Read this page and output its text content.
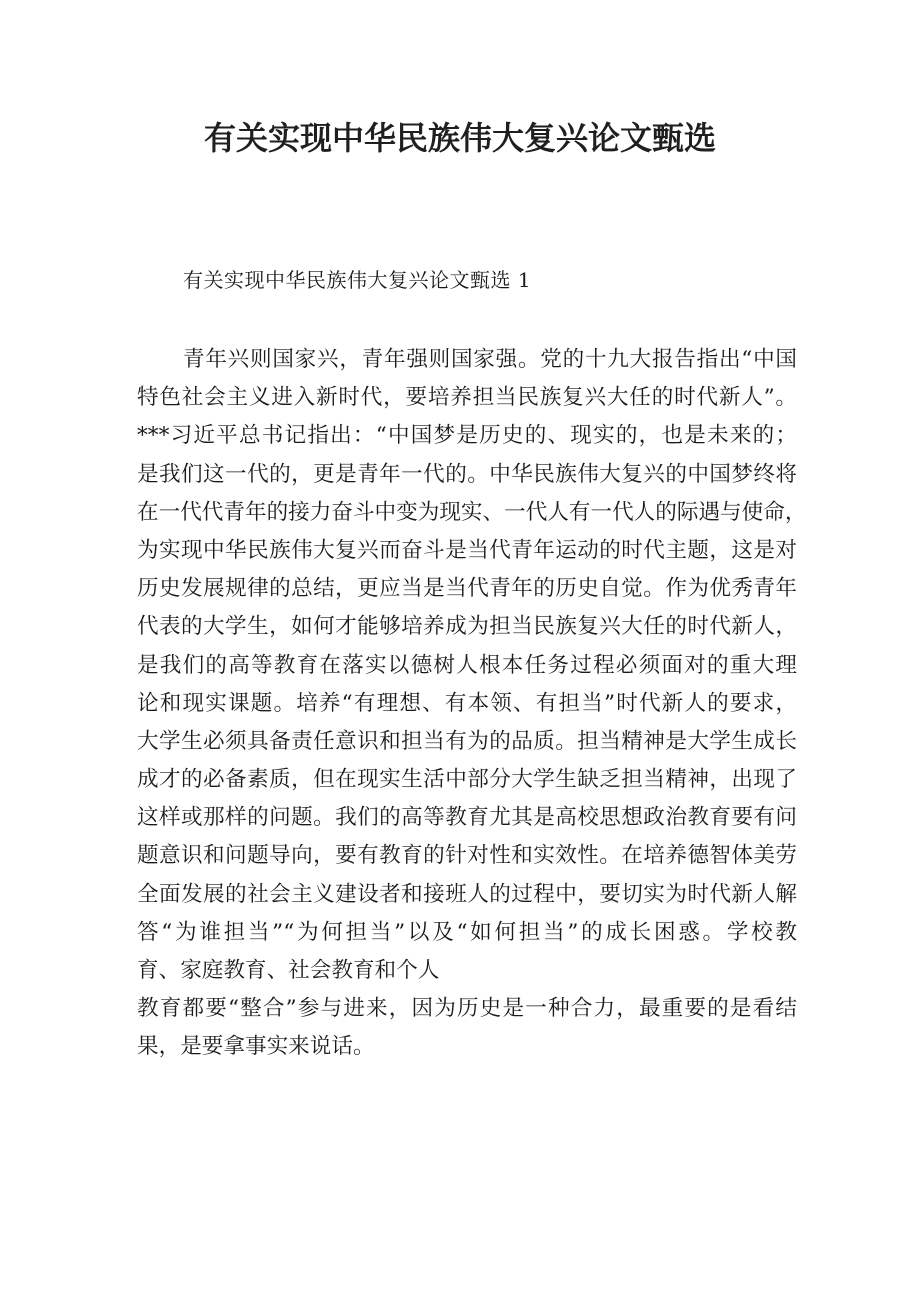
有关实现中华民族伟大复兴论文甄选

有关实现中华民族伟大复兴论文甄选 1

青年兴则国家兴，青年强则国家强。党的十九大报告指出“中国
特色社会主义进入新时代，要培养担当民族复兴大任的时代新人”。
***习近平总书记指出：“中国梦是历史的、现实的，也是未来的；
是我们这一代的，更是青年一代的。中华民族伟大复兴的中国梦终将
在一代代青年的接力奋斗中变为现实、一代人有一代人的际遇与使命，
为实现中华民族伟大复兴而奋斗是当代青年运动的时代主题，这是对
历史发展规律的总结，更应当是当代青年的历史自觉。作为优秀青年
代表的大学生，如何才能够培养成为担当民族复兴大任的时代新人，
是我们的高等教育在落实以德树人根本任务过程必须面对的重大理
论和现实课题。培养“有理想、有本领、有担当”时代新人的要求，
大学生必须具备责任意识和担当有为的品质。担当精神是大学生成长
成才的必备素质，但在现实生活中部分大学生缺乏担当精神，出现了
这样或那样的问题。我们的高等教育尤其是高校思想政治教育要有问
题意识和问题导向，要有教育的针对性和实效性。在培养德智体美劳
全面发展的社会主义建设者和接班人的过程中，要切实为时代新人解
答“为谁担当”“为何担当”以及“如何担当”的成长困惑。学校教
育、家庭教育、社会教育和个人
教育都要“整合”参与进来，因为历史是一种合力，最重要的是看结
果，是要拿事实来说话。
